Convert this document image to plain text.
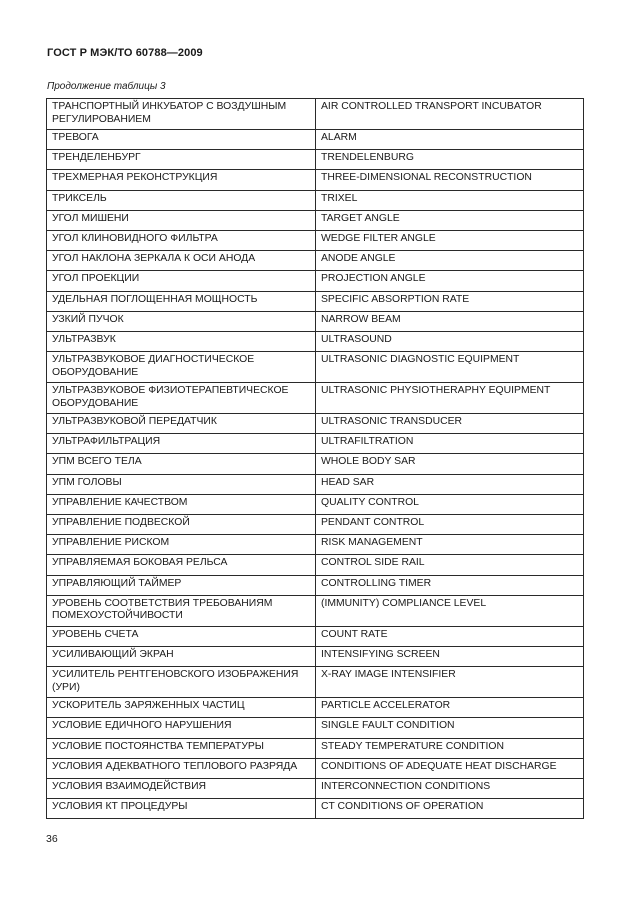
ГОСТ Р МЭК/ТО 60788—2009
Продолжение таблицы 3
ТРАНСПОРТНЫЙ ИНКУБАТОР С ВОЗДУШНЫМ РЕГУЛИРОВАНИЕМ	AIR CONTROLLED TRANSPORT INCUBATOR
ТРЕВОГА	ALARM
ТРЕНДЕЛЕНБУРГ	TRENDELENBURG
ТРЕХМЕРНАЯ РЕКОНСТРУКЦИЯ	THREE-DIMENSIONAL RECONSTRUCTION
ТРИКСЕЛЬ	TRIXEL
УГОЛ МИШЕНИ	TARGET ANGLE
УГОЛ КЛИНОВИДНОГО ФИЛЬТРА	WEDGE FILTER ANGLE
УГОЛ НАКЛОНА ЗЕРКАЛА К ОСИ АНОДА	ANODE ANGLE
УГОЛ ПРОЕКЦИИ	PROJECTION ANGLE
УДЕЛЬНАЯ ПОГЛОЩЕННАЯ МОЩНОСТЬ	SPECIFIC ABSORPTION RATE
УЗКИЙ ПУЧОК	NARROW BEAM
УЛЬТРАЗВУК	ULTRASOUND
УЛЬТРАЗВУКОВОЕ ДИАГНОСТИЧЕСКОЕ ОБОРУДОВАНИЕ	ULTRASONIC DIAGNOSTIC EQUIPMENT
УЛЬТРАЗВУКОВОЕ ФИЗИОТЕРАПЕВТИЧЕСКОЕ ОБОРУДОВАНИЕ	ULTRASONIC PHYSIOTHERAPHY EQUIPMENT
УЛЬТРАЗВУКОВОЙ ПЕРЕДАТЧИК	ULTRASONIC TRANSDUCER
УЛЬТРАФИЛЬТРАЦИЯ	ULTRAFILTRATION
УПМ ВСЕГО ТЕЛА	WHOLE BODY SAR
УПМ ГОЛОВЫ	HEAD SAR
УПРАВЛЕНИЕ КАЧЕСТВОМ	QUALITY CONTROL
УПРАВЛЕНИЕ ПОДВЕСКОЙ	PENDANT CONTROL
УПРАВЛЕНИЕ РИСКОМ	RISK MANAGEMENT
УПРАВЛЯЕМАЯ БОКОВАЯ РЕЛЬСА	CONTROL SIDE RAIL
УПРАВЛЯЮЩИЙ ТАЙМЕР	CONTROLLING TIMER
УРОВЕНЬ СООТВЕТСТВИЯ ТРЕБОВАНИЯМ ПОМЕХОУСТОЙЧИВОСТИ	(IMMUNITY) COMPLIANCE LEVEL
УРОВЕНЬ СЧЕТА	COUNT RATE
УСИЛИВАЮЩИЙ ЭКРАН	INTENSIFYING SCREEN
УСИЛИТЕЛЬ РЕНТГЕНОВСКОГО ИЗОБРАЖЕНИЯ (УРИ)	X-RAY IMAGE INTENSIFIER
УСКОРИТЕЛЬ ЗАРЯЖЕННЫХ ЧАСТИЦ	PARTICLE ACCELERATOR
УСЛОВИЕ ЕДИЧНОГО НАРУШЕНИЯ	SINGLE FAULT CONDITION
УСЛОВИЕ ПОСТОЯНСТВА ТЕМПЕРАТУРЫ	STEADY TEMPERATURE CONDITION
УСЛОВИЯ АДЕКВАТНОГО ТЕПЛОВОГО РАЗРЯДА	CONDITIONS OF ADEQUATE HEAT DISCHARGE
УСЛОВИЯ ВЗАИМОДЕЙСТВИЯ	INTERCONNECTION CONDITIONS
УСЛОВИЯ КТ ПРОЦЕДУРЫ	CT CONDITIONS OF OPERATION
36
